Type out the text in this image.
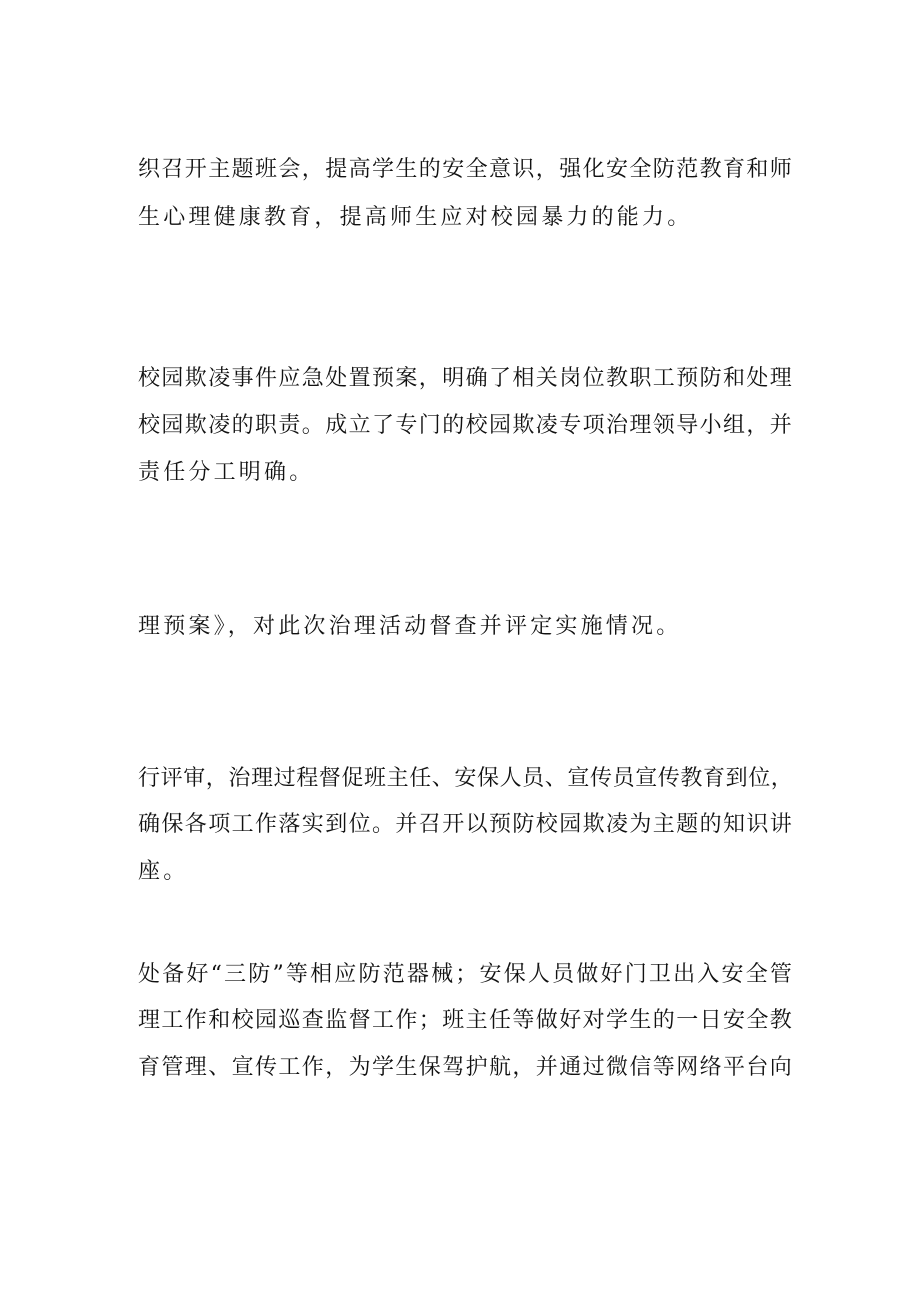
织召开主题班会，提高学生的安全意识，强化安全防范教育和师

生心理健康教育，提高师生应对校园暴力的能力。

校园欺凌事件应急处置预案，明确了相关岗位教职工预防和处理

校园欺凌的职责。成立了专门的校园欺凌专项治理领导小组，并

责任分工明确。

理预案》，对此次治理活动督查并评定实施情况。

行评审，治理过程督促班主任、安保人员、宣传员宣传教育到位，

确保各项工作落实到位。并召开以预防校园欺凌为主题的知识讲

座。

处备好“三防”等相应防范器械；安保人员做好门卫出入安全管

理工作和校园巡查监督工作；班主任等做好对学生的一日安全教

育管理、宣传工作，为学生保驾护航，并通过微信等网络平台向
